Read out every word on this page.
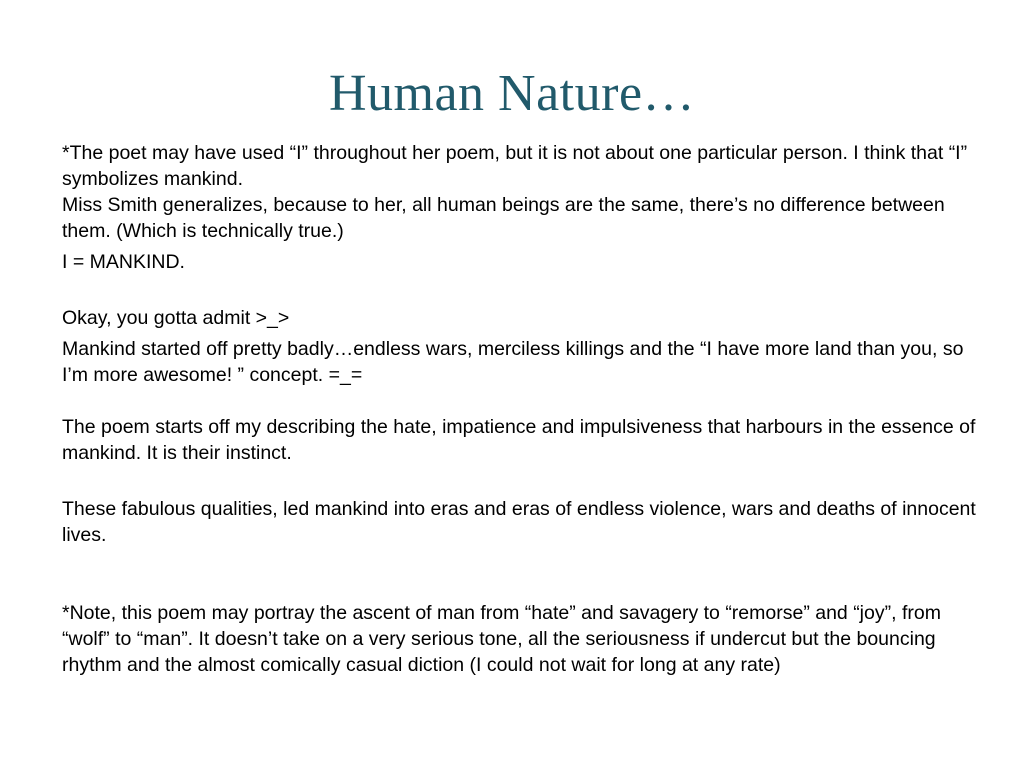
Human Nature…

*The poet may have used “I” throughout her poem, but it is not about one particular person. I think that “I” symbolizes mankind.

Miss Smith generalizes, because to her, all human beings are the same, there’s no difference between them. (Which is technically true.)

I = MANKIND.

Okay, you gotta admit >_>

Mankind started off pretty badly…endless wars, merciless killings and the “I have more land than you, so I’m more awesome! ” concept. =_=

The poem starts off my describing the hate, impatience and impulsiveness that harbours in the essence of mankind. It is their instinct.

These fabulous qualities, led mankind into eras and eras of endless violence, wars and deaths of innocent lives.

*Note, this poem may portray the ascent of man from “hate” and savagery to “remorse” and “joy”, from “wolf” to “man”. It doesn’t take on a very serious tone, all the seriousness if undercut but the bouncing rhythm and the almost comically casual diction (I could not wait for long at any rate)
